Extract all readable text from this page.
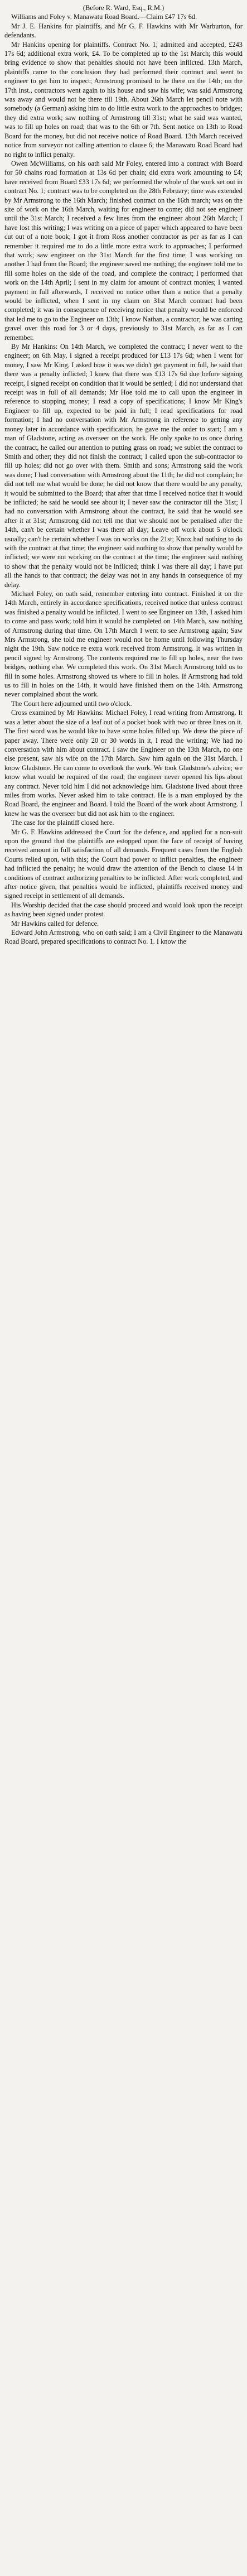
(Before R. Ward, Esq., R.M.)

Williams and Foley v. Manawatu Road Board.—Claim £47 17s 6d.

Mr J. E. Hankins for plaintiffs, and Mr G. F. Hawkins with Mr Warburton, for defendants.

Mr Hankins opening for plaintiffs. Contract No. 1; admitted and accepted, £243 17s 6d; additional extra work, £4. To be completed up to the 1st March; this would bring evidence to show that penalties should not have been inflicted. 13th March, plaintiffs came to the conclusion they had performed their contract and went to engineer to get him to inspect; Armstrong promised to be there on the 14th; on the 17th inst., contractors went again to his house and saw his wife; was said Armstrong was away and would not be there till 19th. About 26th March let pencil note with somebody (a German) asking him to do little extra work to the approaches to bridges; they did extra work; saw nothing of Armstrong till 31st; what he said was wanted, was to fill up holes on road; that was to the 6th or 7th. Sent notice on 13th to Road Board for the money, but did not receive notice of Road Board. 13th March received notice from surveyor not calling attention to clause 6; the Manawatu Road Board had no right to inflict penalty.

Owen McWilliams, on his oath said Mr Foley, entered into a contract with Board for 50 chains road formation at 13s 6d per chain; did extra work amounting to £4; have received from Board £33 17s 6d; we performed the whole of the work set out in contract No. 1; contract was to be completed on the 28th February; time was extended by Mr Armstrong to the 16th March; finished contract on the 16th march; was on the site of work on the 16th March, waiting for engineer to come; did not see engineer until the 31st March; I received a few lines from the engineer about 26th March; I have lost this writing; I was writing on a piece of paper which appeared to have been cut out of a note book; I got it from Ross another contractor as per as far as I can remember it required me to do a little more extra work to approaches; I performed that work; saw engineer on the 31st March for the first time; I was working on another I had from the Board; the engineer saved me nothing; the engineer told me to fill some holes on the side of the road, and complete the contract; I performed that work on the 14th April; I sent in my claim for amount of contract monies; I wanted payment in full afterwards, I received no notice other than a notice that a penalty would be inflicted, when I sent in my claim on 31st March contract had been completed; it was in consequence of receiving notice that penalty would be enforced that led me to go to the Engineer on 13th; I know Nathan, a contractor; he was carting gravel over this road for 3 or 4 days, previously to 31st March, as far as I can remember.

By Mr Hankins: On 14th March, we completed the contract; I never went to the engineer; on 6th May, I signed a receipt produced for £13 17s 6d; when I went for money, I saw Mr King, I asked how it was we didn't get payment in full, he said that there was a penalty inflicted; I knew that there was £13 17s 6d due before signing receipt, I signed receipt on condition that it would be settled; I did not understand that receipt was in full of all demands; Mr Hoe told me to call upon the engineer in reference to stopping money; I read a copy of specifications; I know Mr King's Engineer to fill up, expected to be paid in full; I read specifications for road formation; I had no conversation with Mr Armstrong in reference to getting any money later in accordance with specification, he gave me the order to start; I am a man of Gladstone, acting as overseer on the work. He only spoke to us once during the contract, he called our attention to putting grass on road; we sublet the contract to Smith and other; they did not finish the contract; I called upon the sub-contractor to fill up holes; did not go over with them. Smith and sons; Armstrong said the work was done; I had conversation with Armstrong about the 11th; he did not complain; he did not tell me what would be done; he did not know that there would be any penalty, it would be submitted to the Board; that after that time I received notice that it would be inflicted; he said he would see about it; I never saw the contractor till the 31st; I had no conversation with Armstrong about the contract, he said that he would see after it at 31st; Armstrong did not tell me that we should not be penalised after the 14th, can't be certain whether I was there all day; Leave off work about 5 o'clock usually; can't be certain whether I was on works on the 21st; Knox had nothing to do with the contract at that time; the engineer said nothing to show that penalty would be inflicted; we were not working on the contract at the time; the engineer said nothing to show that the penalty would not be inflicted; think I was there all day; I have put all the hands to that contract; the delay was not in any hands in consequence of my delay.

Michael Foley, on oath said, remember entering into contract. Finished it on the 14th March, entirely in accordance specifications, received notice that unless contract was finished a penalty would be inflicted. I went to see Engineer on 13th, I asked him to come and pass work; told him it would be completed on 14th March, saw nothing of Armstrong during that time. On 17th March I went to see Armstrong again; Saw Mrs Armstrong, she told me engineer would not be home until following Thursday night the 19th. Saw notice re extra work received from Armstrong. It was written in pencil signed by Armstrong. The contents required me to fill up holes, near the two bridges, nothing else. We completed this work. On 31st March Armstrong told us to fill in some holes. Armstrong showed us where to fill in holes. If Armstrong had told us to fill in holes on the 14th, it would have finished them on the 14th. Armstrong never complained about the work.

The Court here adjourned until two o'clock.

Cross examined by Mr Hawkins: Michael Foley, I read writing from Armstrong. It was a letter about the size of a leaf out of a pocket book with two or three lines on it. The first word was he would like to have some holes filled up. We drew the piece of paper away. There were only 20 or 30 words in it, I read the writing; We had no conversation with him about contract. I saw the Engineer on the 13th March, no one else present, saw his wife on the 17th March. Saw him again on the 31st March. I know Gladstone. He can come to overlook the work. We took Gladstone's advice; we know what would be required of the road; the engineer never opened his lips about any contract. Never told him I did not acknowledge him. Gladstone lived about three miles from works. Never asked him to take contract. He is a man employed by the Road Board, the engineer and Board. I told the Board of the work about Armstrong. I knew he was the overseer but did not ask him to the engineer.

The case for the plaintiff closed here.

Mr G. F. Hawkins addressed the Court for the defence, and applied for a non-suit upon the ground that the plaintiffs are estopped upon the face of receipt of having received amount in full satisfaction of all demands. Frequent cases from the English Courts relied upon, with this; the Court had power to inflict penalties, the engineer had inflicted the penalty; he would draw the attention of the Bench to clause 14 in conditions of contract authorizing penalties to be inflicted. After work completed, and after notice given, that penalties would be inflicted, plaintiffs received money and signed receipt in settlement of all demands.

His Worship decided that the case should proceed and would look upon the receipt as having been signed under protest.

Mr Hawkins called for defence.

Edward John Armstrong, who on oath said; I am a Civil Engineer to the Manawatu Road Board, prepared specifications to contract No. 1. I know the
